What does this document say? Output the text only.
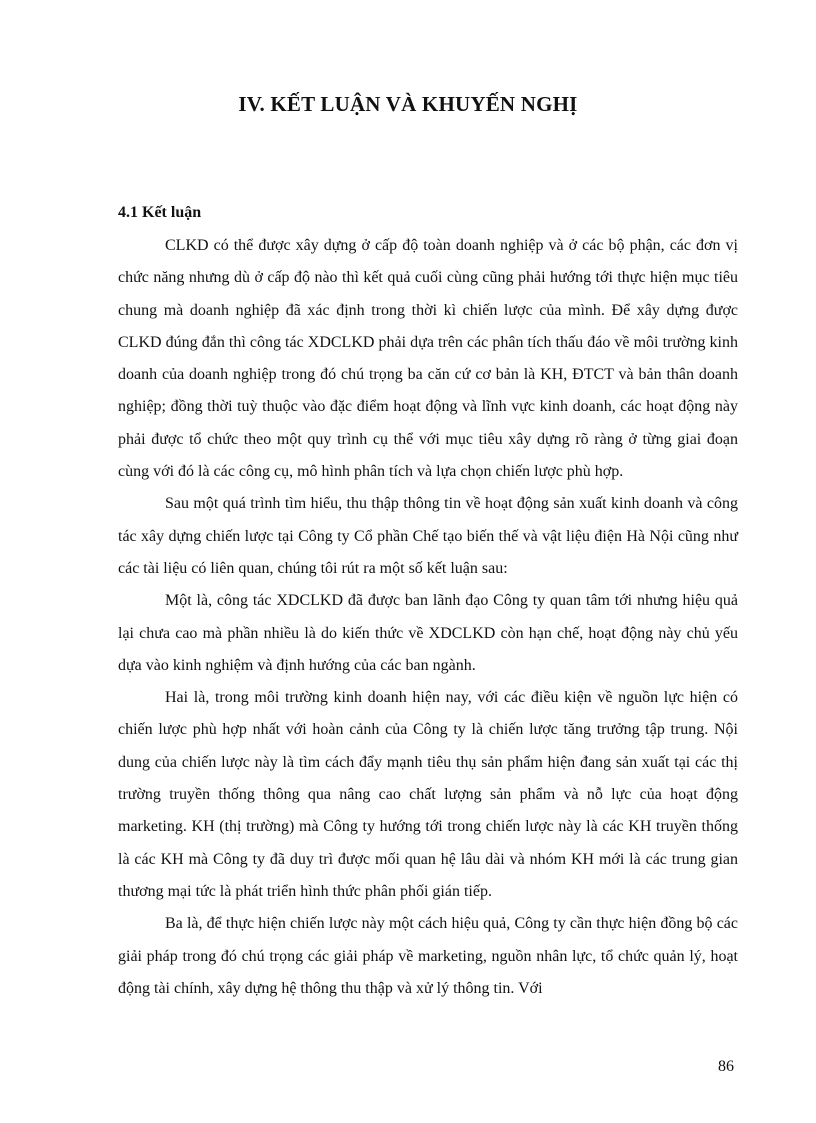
IV. KẾT LUẬN VÀ KHUYẾN NGHỊ
4.1 Kết luận

CLKD có thể được xây dựng ở cấp độ toàn doanh nghiệp và ở các bộ phận, các đơn vị chức năng nhưng dù ở cấp độ nào thì kết quả cuối cùng cũng phải hướng tới thực hiện mục tiêu chung mà doanh nghiệp đã xác định trong thời kì chiến lược của mình. Để xây dựng được CLKD đúng đắn thì công tác XDCLKD phải dựa trên các phân tích thấu đáo về môi trường kinh doanh của doanh nghiệp trong đó chú trọng ba căn cứ cơ bản là KH, ĐTCT và bản thân doanh nghiệp; đồng thời tuỳ thuộc vào đặc điểm hoạt động và lĩnh vực kinh doanh, các hoạt động này phải được tổ chức theo một quy trình cụ thể với mục tiêu xây dựng rõ ràng ở từng giai đoạn cùng với đó là các công cụ, mô hình phân tích và lựa chọn chiến lược phù hợp.

Sau một quá trình tìm hiểu, thu thập thông tin về hoạt động sản xuất kinh doanh và công tác xây dựng chiến lược tại Công ty Cổ phần Chế tạo biến thế và vật liệu điện Hà Nội cũng như các tài liệu có liên quan, chúng tôi rút ra một số kết luận sau:

Một là, công tác XDCLKD đã được ban lãnh đạo Công ty quan tâm tới nhưng hiệu quả lại chưa cao mà phần nhiều là do kiến thức về XDCLKD còn hạn chế, hoạt động này chủ yếu dựa vào kinh nghiệm và định hướng của các ban ngành.

Hai là, trong môi trường kinh doanh hiện nay, với các điều kiện về nguồn lực hiện có chiến lược phù hợp nhất với hoàn cảnh của Công ty là chiến lược tăng trưởng tập trung. Nội dung của chiến lược này là tìm cách đẩy mạnh tiêu thụ sản phẩm hiện đang sản xuất tại các thị trường truyền thống thông qua nâng cao chất lượng sản phẩm và nỗ lực của hoạt động marketing. KH (thị trường) mà Công ty hướng tới trong chiến lược này là các KH truyền thống là các KH mà Công ty đã duy trì được mối quan hệ lâu dài và nhóm KH mới là các trung gian thương mại tức là phát triển hình thức phân phối gián tiếp.

Ba là, để thực hiện chiến lược này một cách hiệu quả, Công ty cần thực hiện đồng bộ các giải pháp trong đó chú trọng các giải pháp về marketing, nguồn nhân lực, tổ chức quản lý, hoạt động tài chính, xây dựng hệ thông thu thập và xử lý thông tin. Với

86
